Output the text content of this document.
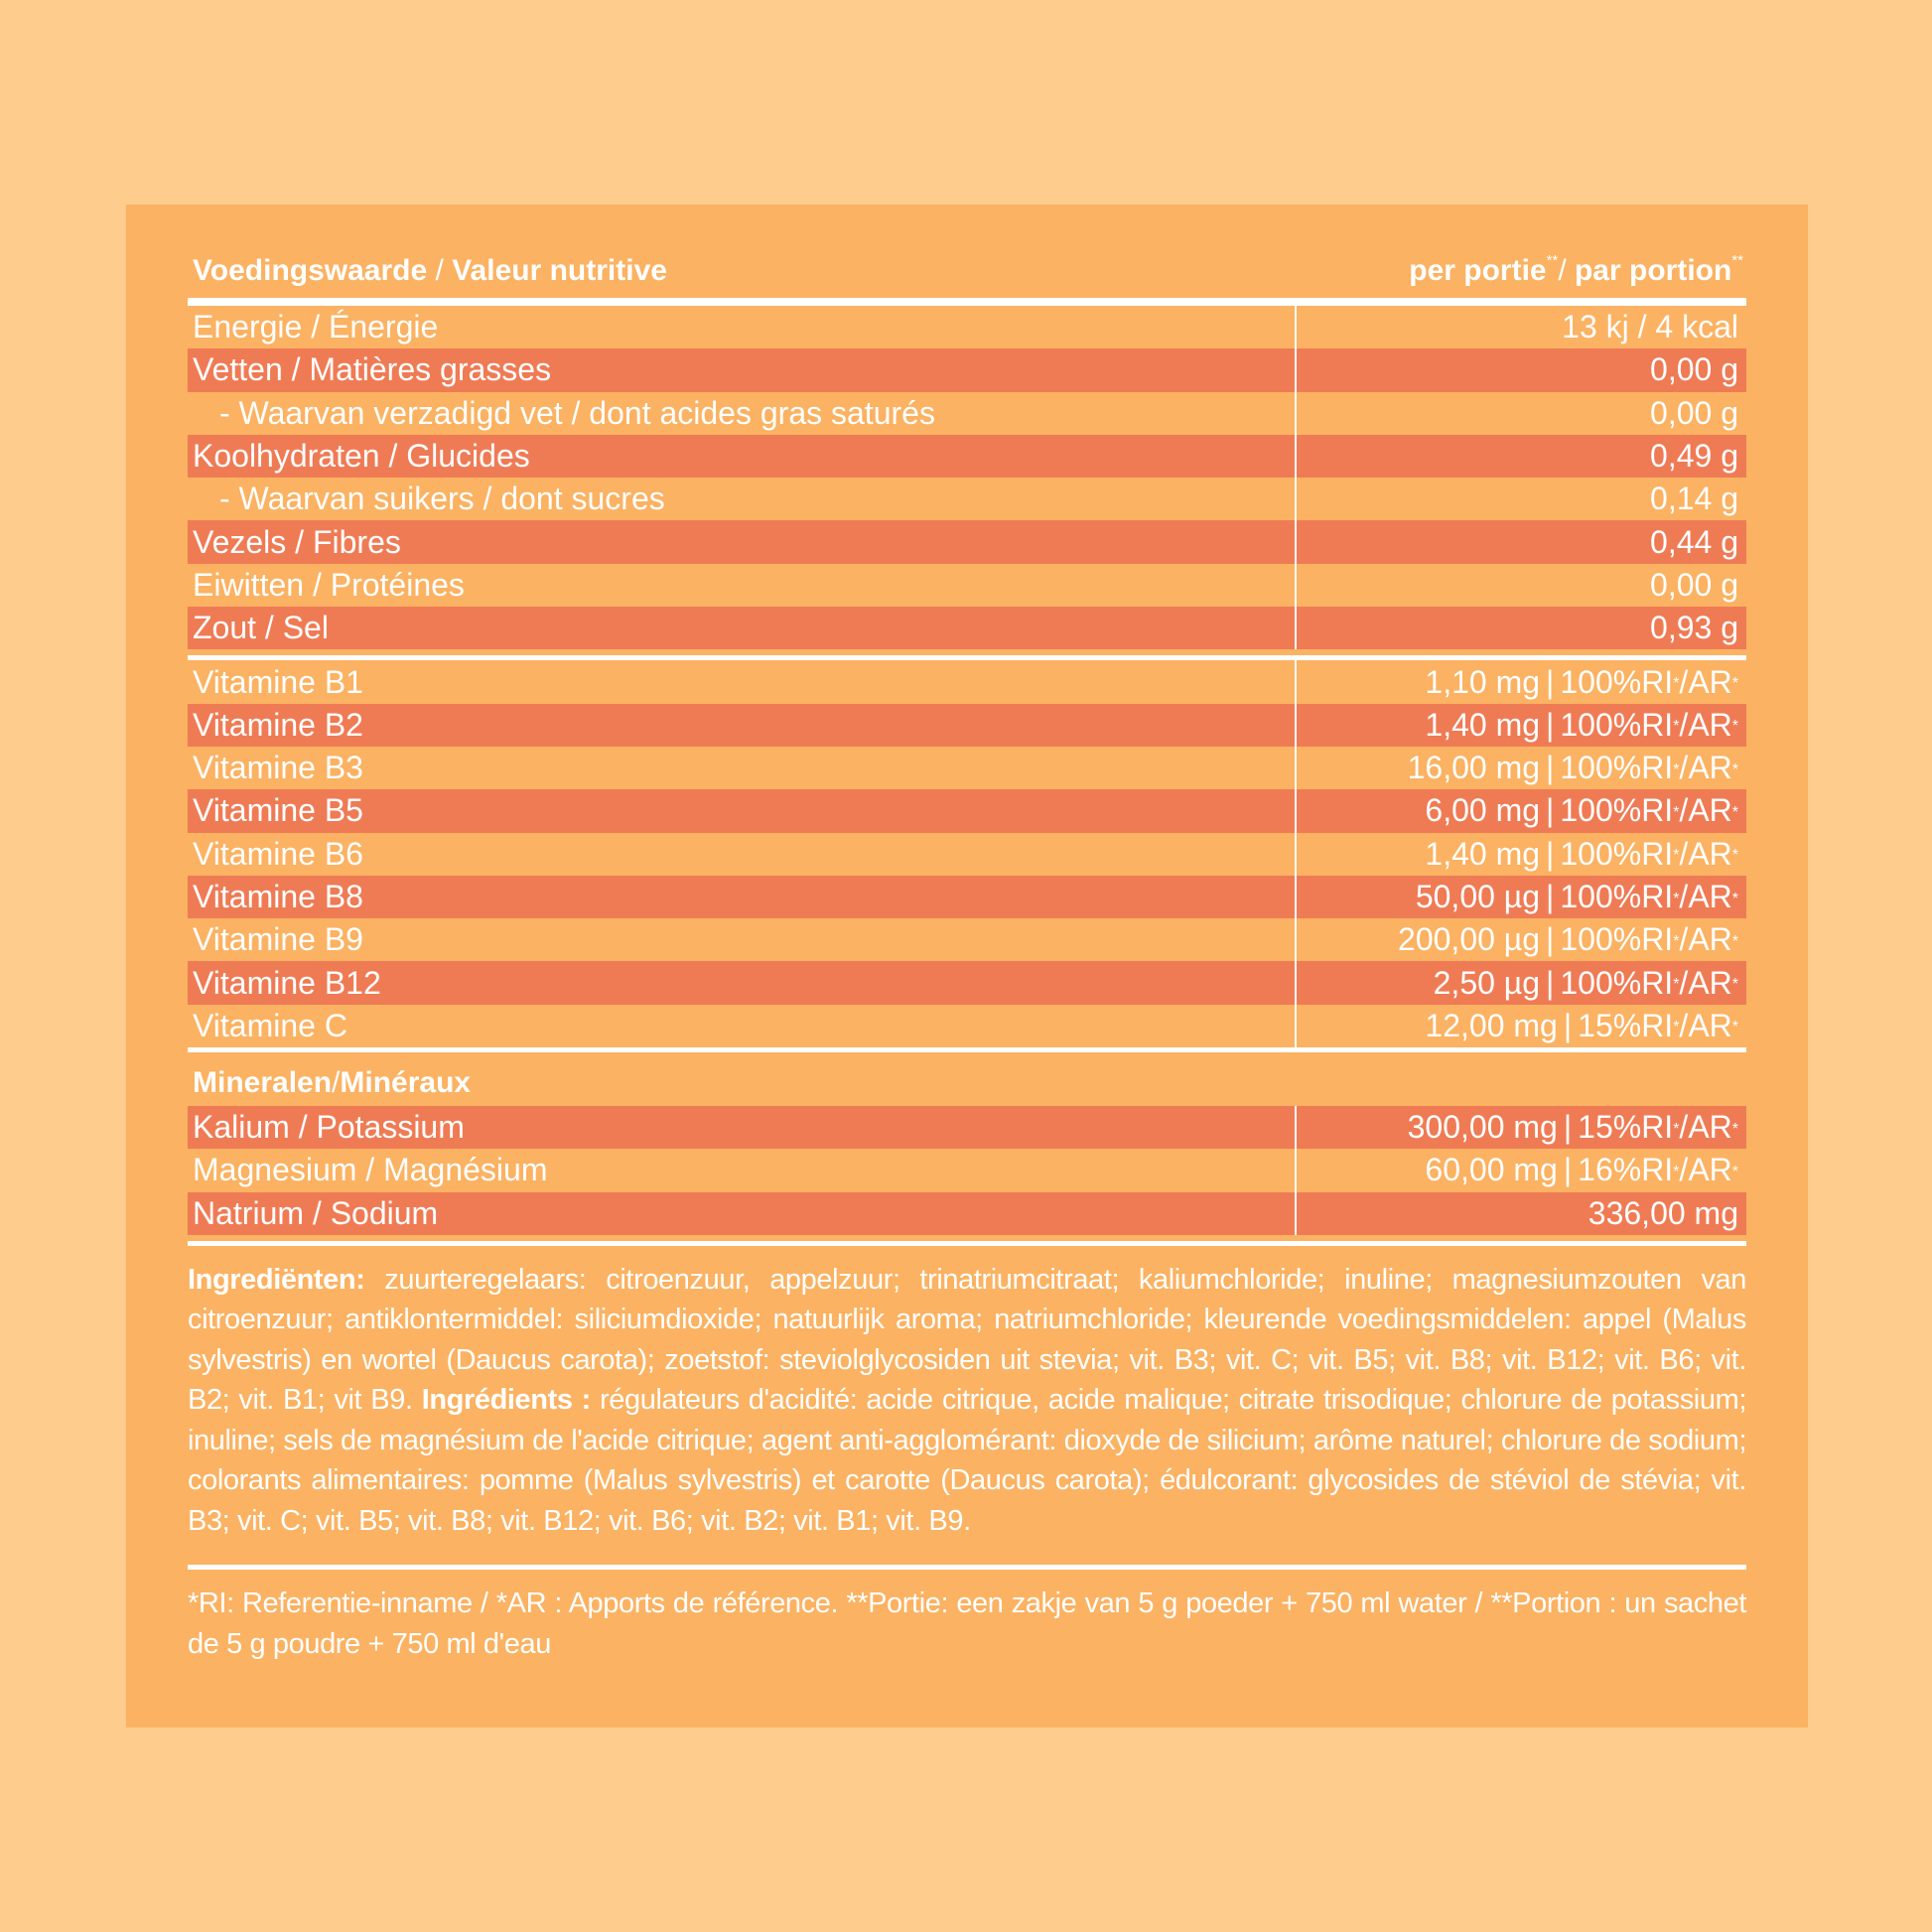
Voedingswaarde / Valeur nutritive	per portie**/ par portion**
Energie / Énergie	13 kj / 4 kcal
Vetten / Matières grasses	0,00 g
- Waarvan verzadigd vet / dont acides gras saturés	0,00 g
Koolhydraten / Glucides	0,49 g
- Waarvan suikers / dont sucres	0,14 g
Vezels / Fibres	0,44 g
Eiwitten / Protéines	0,00 g
Zout / Sel	0,93 g
Vitamine B1	1,10 mg | 100% RI* /AR*
Vitamine B2	1,40 mg | 100% RI* /AR*
Vitamine B3	16,00 mg | 100% RI* /AR*
Vitamine B5	6,00 mg | 100% RI* /AR*
Vitamine B6	1,40 mg | 100% RI* /AR*
Vitamine B8	50,00 µg | 100% RI* /AR*
Vitamine B9	200,00 µg | 100% RI* /AR*
Vitamine B12	2,50 µg | 100% RI* /AR*
Vitamine C	12,00 mg | 15% RI* /AR*
Mineralen / Minéraux
Kalium / Potassium	300,00 mg | 15% RI* /AR*
Magnesium / Magnésium	60,00 mg | 16% RI* /AR*
Natrium / Sodium	336,00 mg
Ingrediënten: zuurteregelaars: citroenzuur, appelzuur; trinatriumcitraat; kaliumchloride; inuline; magnesiumzouten van citroenzuur; antiklontermiddel: siliciumdioxide; natuurlijk aroma; natriumchloride; kleurende voedingsmiddelen: appel (Malus sylvestris) en wortel (Daucus carota); zoetstof: steviolglycosiden uit stevia; vit. B3; vit. C; vit. B5; vit. B8; vit. B12; vit. B6; vit. B2; vit. B1; vit B9. Ingrédients : régulateurs d'acidité: acide citrique, acide malique; citrate trisodique; chlorure de potassium; inuline; sels de magnésium de l'acide citrique; agent anti-agglomérant: dioxyde de silicium; arôme naturel; chlorure de sodium; colorants alimentaires: pomme (Malus sylvestris) et carotte (Daucus carota); édulcorant: glycosides de stéviol de stévia; vit. B3; vit. C; vit. B5; vit. B8; vit. B12; vit. B6; vit. B2; vit. B1; vit. B9.
*RI: Referentie-inname / *AR : Apports de référence. **Portie: een zakje van 5 g poeder + 750 ml water / **Portion : un sachet de 5 g poudre + 750 ml d'eau
